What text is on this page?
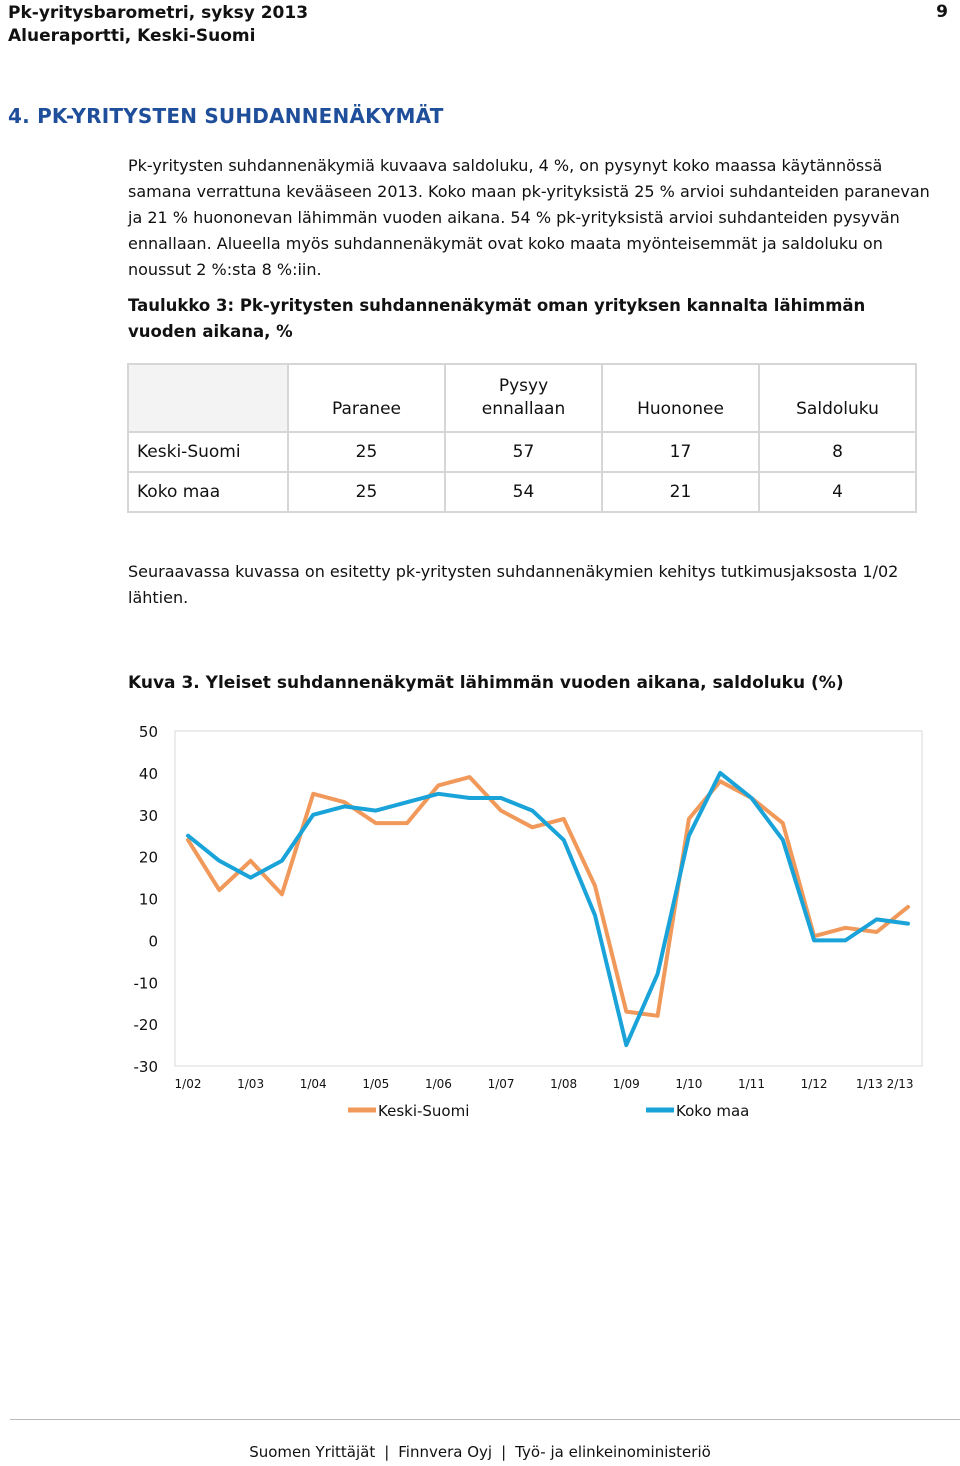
Pk-yritysbarometri, syksy 2013
Alueraportti, Keski-Suomi
9
4. PK-YRITYSTEN SUHDANNENÄKYMÄT
Pk-yritysten suhdannenäkymiä kuvaava saldoluku, 4 %, on pysynyt koko maassa käytännössä samana verrattuna kevääseen 2013. Koko maan pk-yrityksistä 25 % arvioi suhdanteiden paranevan ja 21 % huononevan lähimmän vuoden aikana. 54 % pk-yrityksistä arvioi suhdanteiden pysyvän ennallaan. Alueella myös suhdannenäkymät ovat koko maata myönteisemmät ja saldoluku on noussut 2 %:sta 8 %:iin.
Taulukko 3: Pk-yritysten suhdannenäkymät oman yrityksen kannalta lähimmän vuoden aikana, %
	Paranee	Pysyy ennallaan	Huononee	Saldoluku
Keski-Suomi	25	57	17	8
Koko maa	25	54	21	4
Seuraavassa kuvassa on esitetty pk-yritysten suhdannenäkymien kehitys tutkimusjaksosta 1/02 lähtien.
Kuva 3. Yleiset suhdannenäkymät lähimmän vuoden aikana, saldoluku (%)
50
40
30
20
10
0
-10
-20
-30
1/02	1/03	1/04	1/05	1/06	1/07	1/08	1/09	1/10	1/11	1/12 1/13 2/13
Keski-Suomi	Koko maa
Suomen Yrittäjät | Finnvera Oyj | Työ- ja elinkeinoministeriö
